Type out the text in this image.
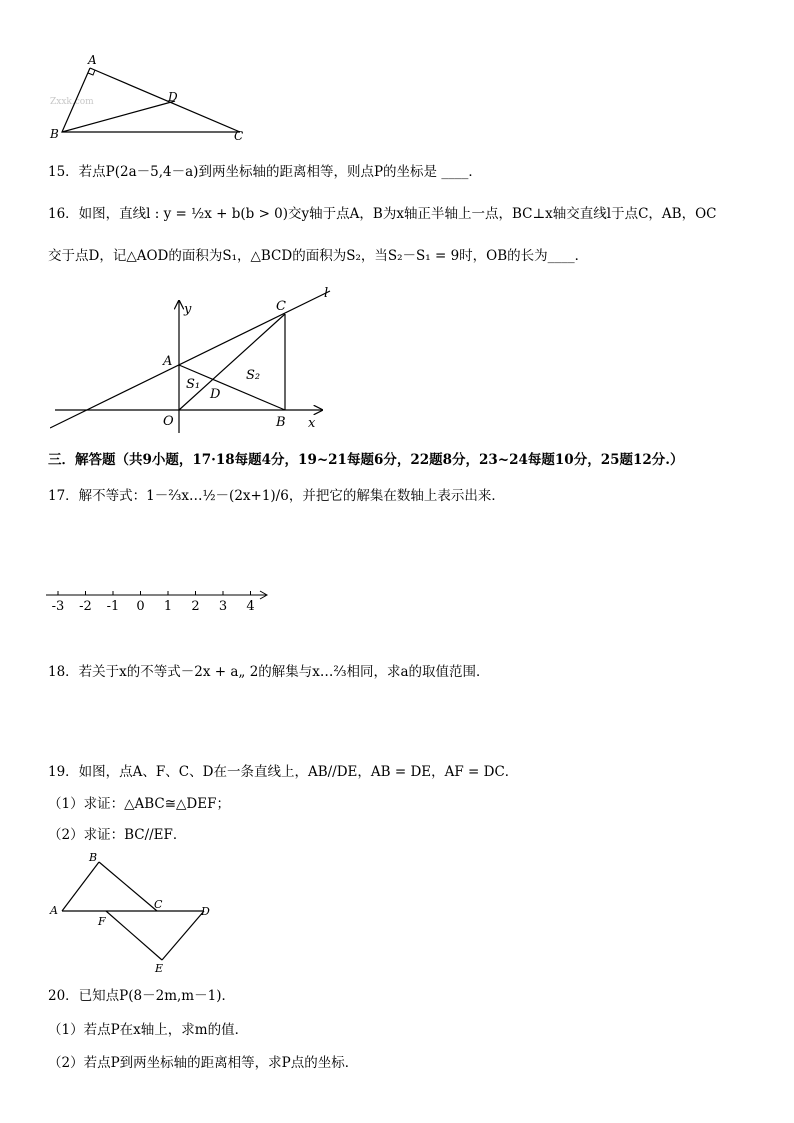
Zxxk.com
A
B	C
D
15．若点P(2a－5,4－a)到两坐标轴的距离相等，则点P的坐标是 ____．
16．如图，直线l : y = ½x + b(b > 0)交y轴于点A，B为x轴正半轴上一点，BC⊥x轴交直线l于点C，AB，OC
交于点D，记△AOD的面积为S₁，△BCD的面积为S₂，当S₂－S₁ = 9时，OB的长为____．
y
x
l
A
C
O	B
D
S₁
S₂
三．解答题（共9小题，17·18每题4分，19~21每题6分，22题8分，23~24每题10分，25题12分.）
17．解不等式：1－⅔x…½－(2x+1)/6，并把它的解集在数轴上表示出来．
-3 -2 -1 0 1 2 3 4
18．若关于x的不等式－2x + a„ 2的解集与x…⅔相同，求a的取值范围．
19．如图，点A、F、C、D在一条直线上，AB//DE，AB = DE，AF = DC．
（1）求证：△ABC≅△DEF；
（2）求证：BC//EF．
B
A
F
C
D
E
20．已知点P(8－2m,m－1)．
（1）若点P在x轴上，求m的值．
（2）若点P到两坐标轴的距离相等，求P点的坐标．
